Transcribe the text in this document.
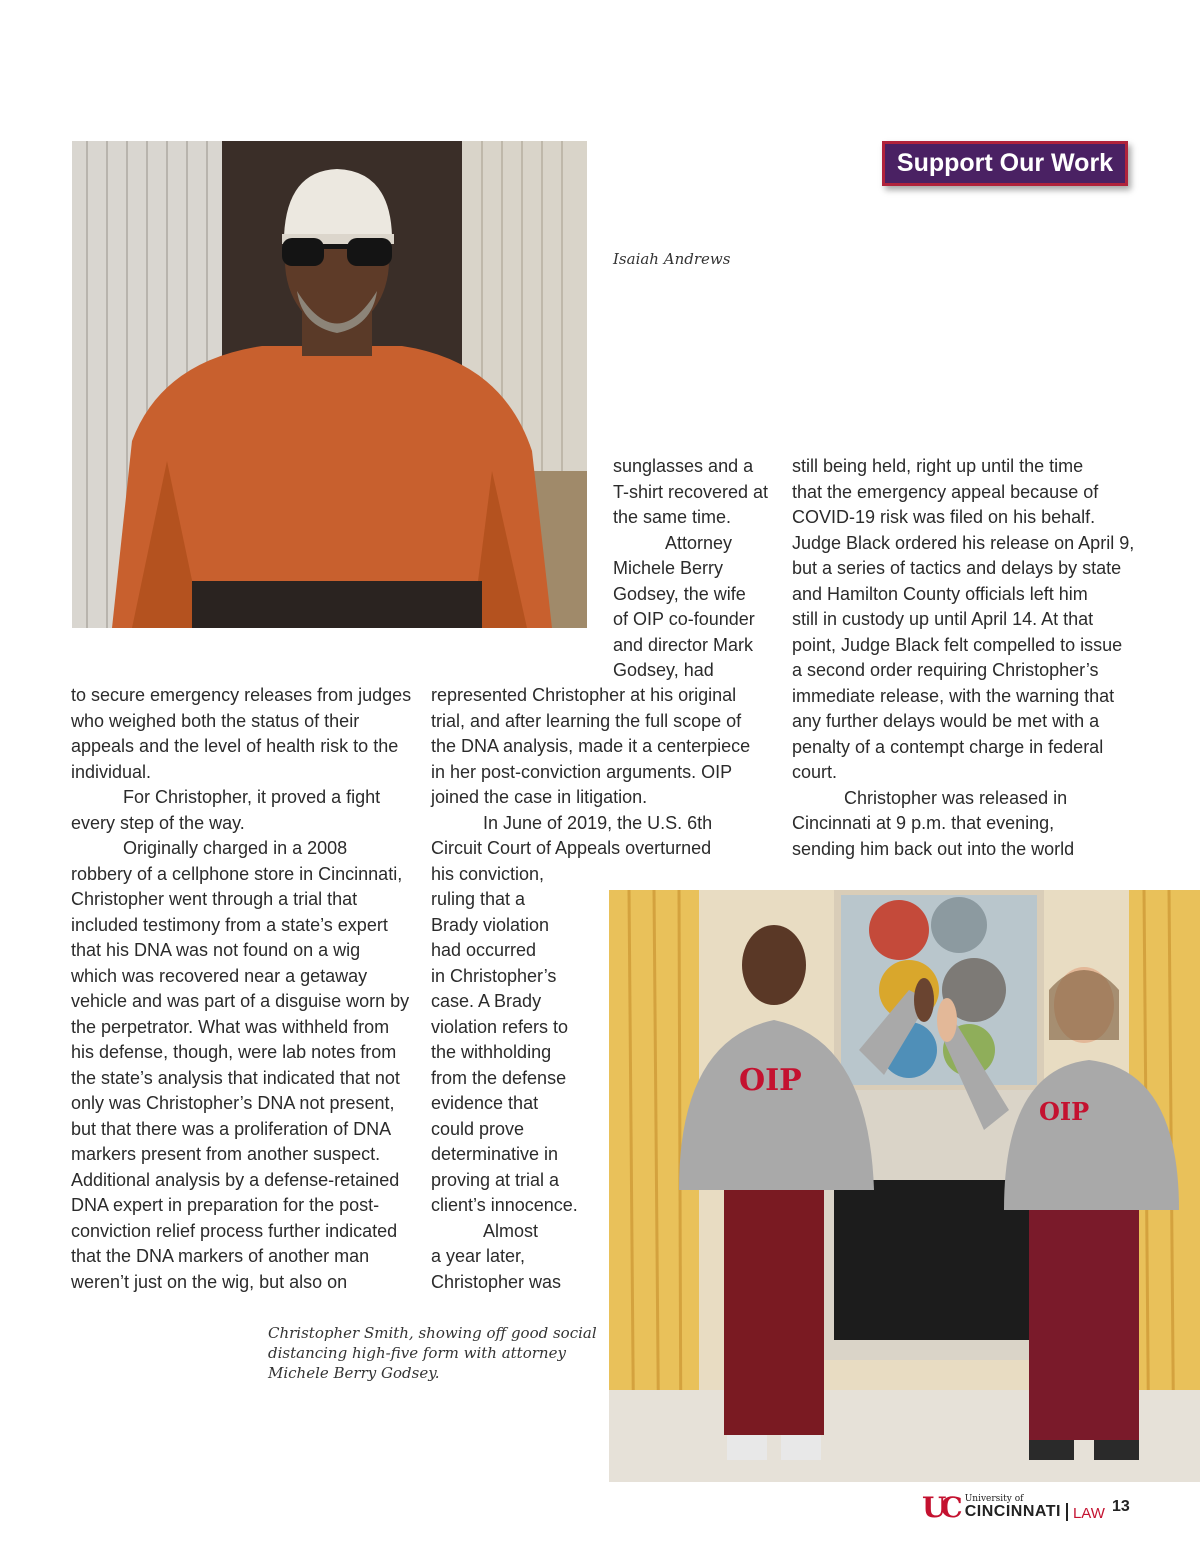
Isaiah Andrews
Support Our Work

sunglasses and a

T-shirt recovered at

the same time.

Attorney

Michele Berry

Godsey, the wife

of OIP co-founder

and director Mark

Godsey, had

to secure emergency releases from judges

who weighed both the status of their

appeals and the level of health risk to the

individual.

For Christopher, it proved a fight

every step of the way.

Originally charged in a 2008

robbery of a cellphone store in Cincinnati,

Christopher went through a trial that

included testimony from a state’s expert

that his DNA was not found on a wig

which was recovered near a getaway

vehicle and was part of a disguise worn by

the perpetrator. What was withheld from

his defense, though, were lab notes from

the state’s analysis that indicated that not

only was Christopher’s DNA not present,

but that there was a proliferation of DNA

markers present from another suspect.

Additional analysis by a defense-retained

DNA expert in preparation for the post-

conviction relief process further indicated

that the DNA markers of another man

weren’t just on the wig, but also on

represented Christopher at his original

trial, and after learning the full scope of

the DNA analysis, made it a centerpiece

in her post-conviction arguments. OIP

joined the case in litigation.

In June of 2019, the U.S. 6th

Circuit Court of Appeals overturned

his conviction,

ruling that a

Brady violation

had occurred

in Christopher’s

case. A Brady

violation refers to

the withholding

from the defense

evidence that

could prove

determinative in

proving at trial a

client’s innocence.

Almost

a year later,

Christopher was

still being held, right up until the time

that the emergency appeal because of

COVID-19 risk was filed on his behalf.

Judge Black ordered his release on April 9,

but a series of tactics and delays by state

and Hamilton County officials left him

still in custody up until April 14. At that

point, Judge Black felt compelled to issue

a second order requiring Christopher’s

immediate release, with the warning that

any further delays would be met with a

penalty of a contempt charge in federal

court.

Christopher was released in

Cincinnati at 9 p.m. that evening,

sending him back out into the world

OIP
OIP
Christopher Smith, showing off good social
distancing high-five form with attorney
Michele Berry Godsey.
UC University of
CINCINNATI LAW 13
